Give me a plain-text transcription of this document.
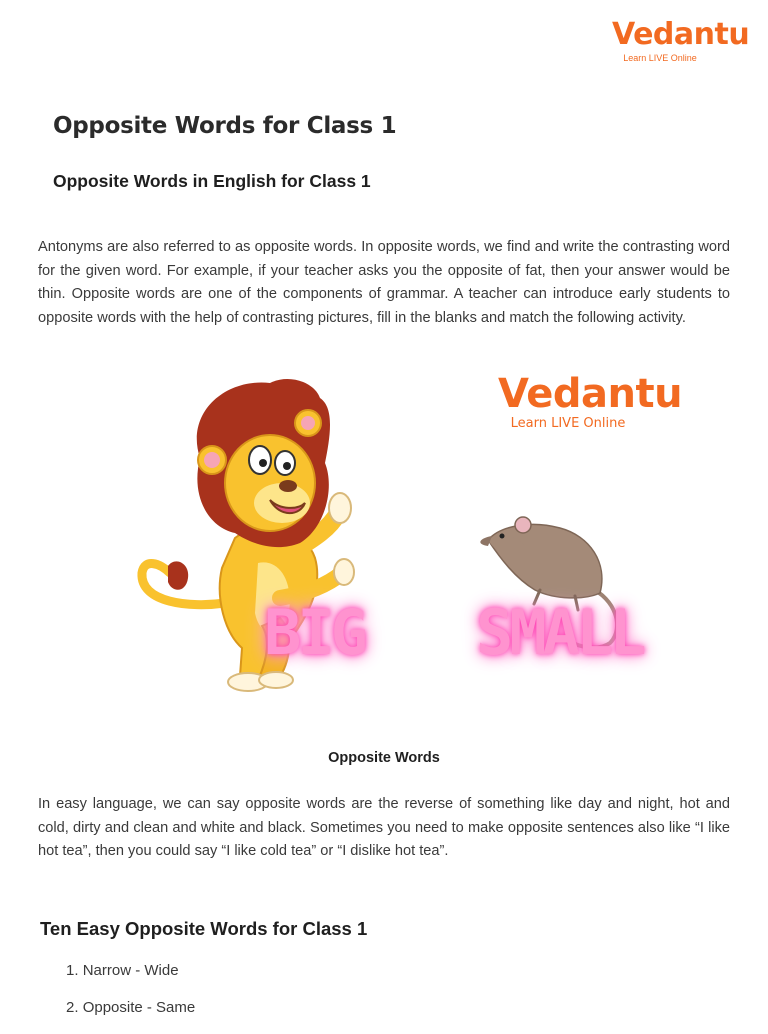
Vedantu
Learn LIVE Online
Opposite Words for Class 1
Opposite Words in English for Class 1

Antonyms are also referred to as opposite words. In opposite words, we find and write the contrasting word for the given word. For example, if your teacher asks you the opposite of fat, then your answer would be thin. Opposite words are one of the components of grammar. A teacher can introduce early students to opposite words with the help of contrasting pictures, fill in the blanks and match the following activity.

Vedantu
Learn LIVE Online
BIG SMALL

Opposite Words

In easy language, we can say opposite words are the reverse of something like day and night, hot and cold, dirty and clean and white and black. Sometimes you need to make opposite sentences also like “I like hot tea”, then you could say “I like cold tea” or “I dislike hot tea”.

Ten Easy Opposite Words for Class 1
1. Narrow - Wide
2. Opposite - Same
